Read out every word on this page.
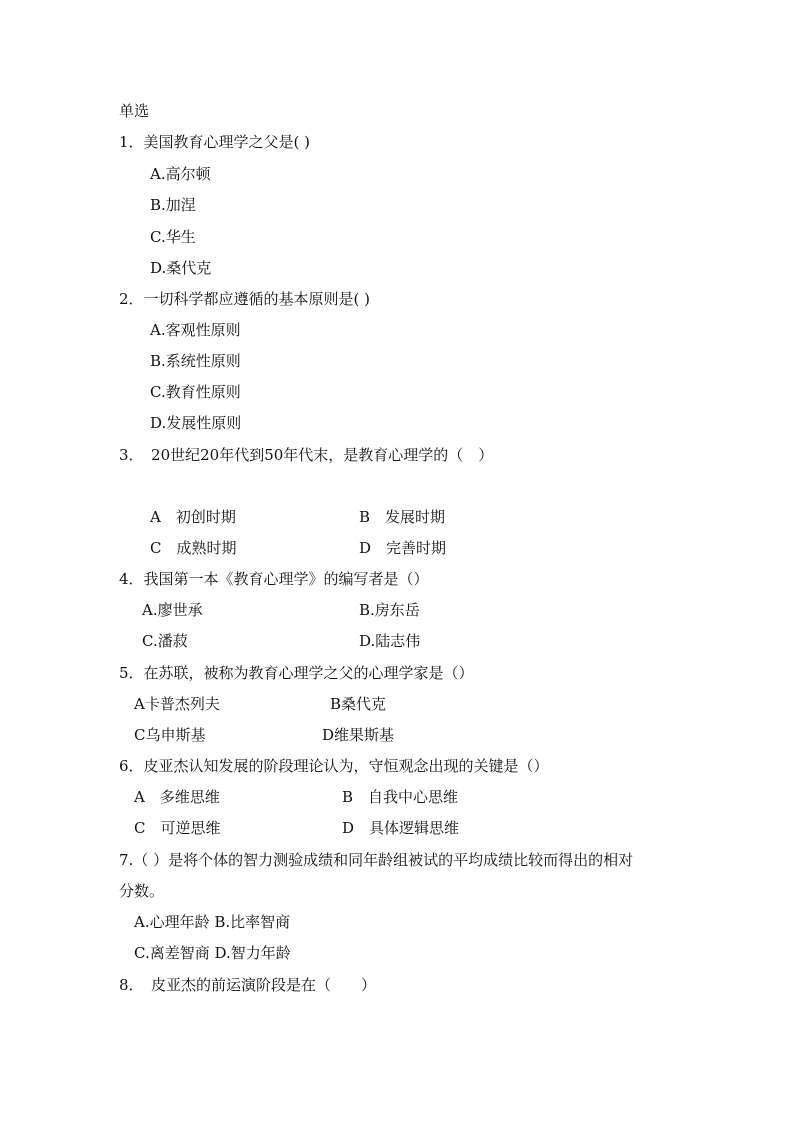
单选
1．美国教育心理学之父是( )
A.高尔顿
B.加涅
C.华生
D.桑代克
2．一切科学都应遵循的基本原则是( )
A.客观性原则
B.系统性原则
C.教育性原则
D.发展性原则
3．　20世纪20年代到50年代末，是教育心理学的（　）
A　初创时期	B　发展时期
C　成熟时期	D　完善时期
4．我国第一本《教育心理学》的编写者是（）
A.廖世承	B.房东岳
C.潘菽	D.陆志伟
5．在苏联，被称为教育心理学之父的心理学家是（）
A卡普杰列夫	B桑代克
C乌申斯基	D维果斯基
6．皮亚杰认知发展的阶段理论认为，守恒观念出现的关键是（）
A　多维思维	B　自我中心思维
C　可逆思维	D　具体逻辑思维
7.（ ）是将个体的智力测验成绩和同年龄组被试的平均成绩比较而得出的相对
分数。
A.心理年龄 B.比率智商
C.离差智商 D.智力年龄
8．　皮亚杰的前运演阶段是在（　　）
